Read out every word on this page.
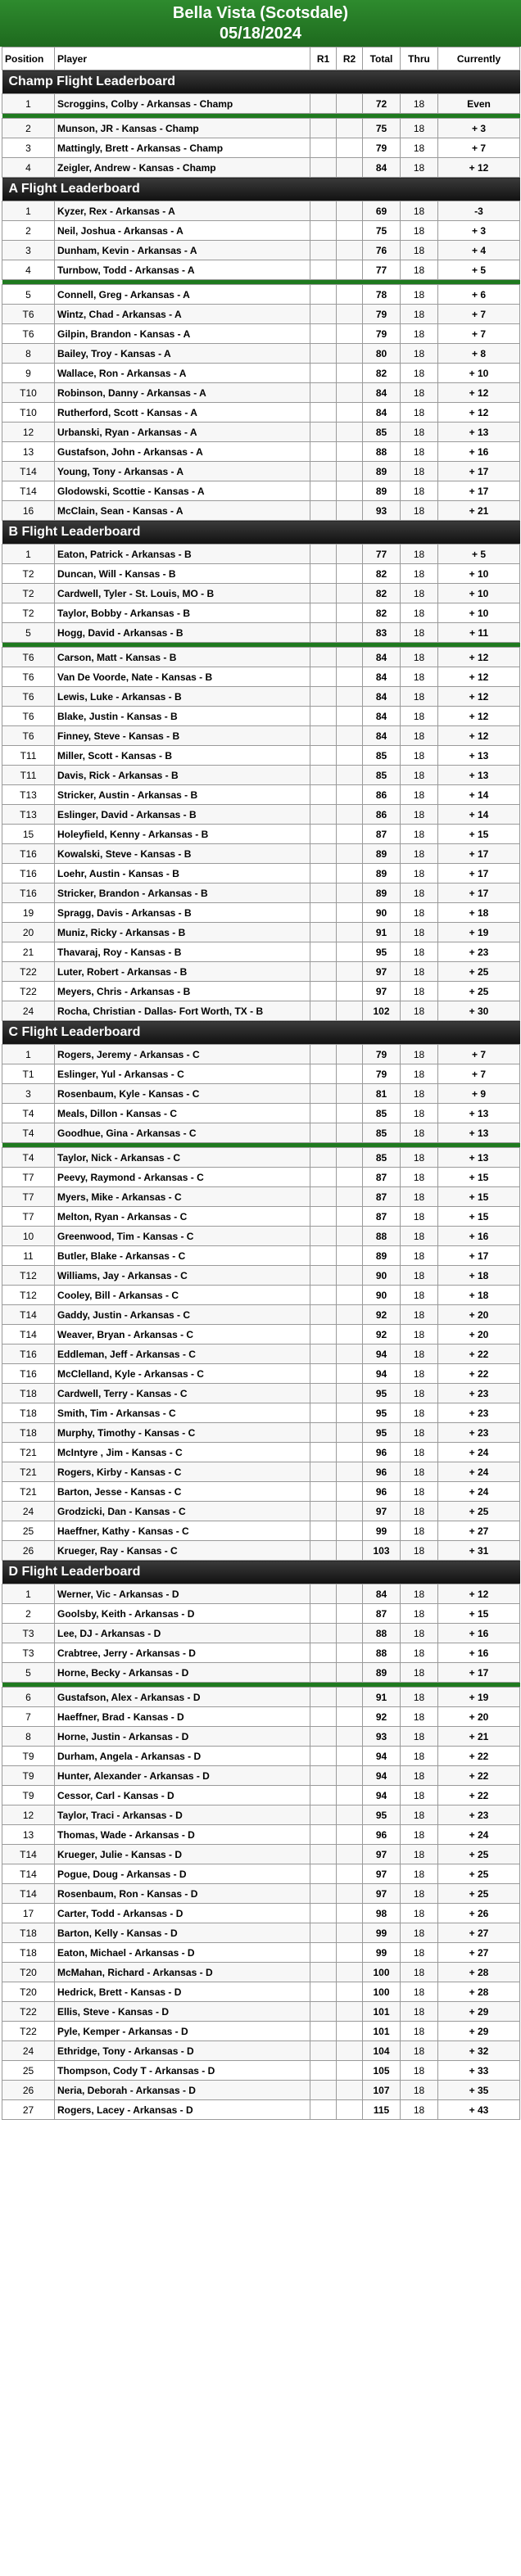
Bella Vista (Scotsdale)
05/18/2024
Position	Player	R1	R2	Total	Thru	Currently
Champ Flight Leaderboard						
1	Scroggins, Colby - Arkansas - Champ			72	18	Even

2	Munson, JR - Kansas - Champ			75	18	+ 3
3	Mattingly, Brett - Arkansas - Champ			79	18	+ 7
4	Zeigler, Andrew - Kansas - Champ			84	18	+ 12
A Flight Leaderboard						
1	Kyzer, Rex - Arkansas - A			69	18	-3
2	Neil, Joshua - Arkansas - A			75	18	+ 3
3	Dunham, Kevin - Arkansas - A			76	18	+ 4
4	Turnbow, Todd - Arkansas - A			77	18	+ 5

5	Connell, Greg - Arkansas - A			78	18	+ 6
T6	Wintz, Chad - Arkansas - A			79	18	+ 7
T6	Gilpin, Brandon - Kansas - A			79	18	+ 7
8	Bailey, Troy - Kansas - A			80	18	+ 8
9	Wallace, Ron - Arkansas - A			82	18	+ 10
T10	Robinson, Danny - Arkansas - A			84	18	+ 12
T10	Rutherford, Scott - Kansas - A			84	18	+ 12
12	Urbanski, Ryan - Arkansas - A			85	18	+ 13
13	Gustafson, John - Arkansas - A			88	18	+ 16
T14	Young, Tony - Arkansas - A			89	18	+ 17
T14	Glodowski, Scottie - Kansas - A			89	18	+ 17
16	McClain, Sean - Kansas - A			93	18	+ 21
B Flight Leaderboard						
1	Eaton, Patrick - Arkansas - B			77	18	+ 5
T2	Duncan, Will - Kansas - B			82	18	+ 10
T2	Cardwell, Tyler - St. Louis, MO - B			82	18	+ 10
T2	Taylor, Bobby - Arkansas - B			82	18	+ 10
5	Hogg, David - Arkansas - B			83	18	+ 11

T6	Carson, Matt - Kansas - B			84	18	+ 12
T6	Van De Voorde, Nate - Kansas - B			84	18	+ 12
T6	Lewis, Luke - Arkansas - B			84	18	+ 12
T6	Blake, Justin - Kansas - B			84	18	+ 12
T6	Finney, Steve - Kansas - B			84	18	+ 12
T11	Miller, Scott - Kansas - B			85	18	+ 13
T11	Davis, Rick - Arkansas - B			85	18	+ 13
T13	Stricker, Austin - Arkansas - B			86	18	+ 14
T13	Eslinger, David - Arkansas - B			86	18	+ 14
15	Holeyfield, Kenny - Arkansas - B			87	18	+ 15
T16	Kowalski, Steve - Kansas - B			89	18	+ 17
T16	Loehr, Austin - Kansas - B			89	18	+ 17
T16	Stricker, Brandon - Arkansas - B			89	18	+ 17
19	Spragg, Davis - Arkansas - B			90	18	+ 18
20	Muniz, Ricky - Arkansas - B			91	18	+ 19
21	Thavaraj, Roy - Kansas - B			95	18	+ 23
T22	Luter, Robert - Arkansas - B			97	18	+ 25
T22	Meyers, Chris - Arkansas - B			97	18	+ 25
24	Rocha, Christian - Dallas- Fort Worth, TX - B			102	18	+ 30
C Flight Leaderboard						
1	Rogers, Jeremy - Arkansas - C			79	18	+ 7
T1	Eslinger, Yul - Arkansas - C			79	18	+ 7
3	Rosenbaum, Kyle - Kansas - C			81	18	+ 9
T4	Meals, Dillon - Kansas - C			85	18	+ 13
T4	Goodhue, Gina - Arkansas - C			85	18	+ 13

T4	Taylor, Nick - Arkansas - C			85	18	+ 13
T7	Peevy, Raymond - Arkansas - C			87	18	+ 15
T7	Myers, Mike - Arkansas - C			87	18	+ 15
T7	Melton, Ryan - Arkansas - C			87	18	+ 15
10	Greenwood, Tim - Kansas - C			88	18	+ 16
11	Butler, Blake - Arkansas - C			89	18	+ 17
T12	Williams, Jay - Arkansas - C			90	18	+ 18
T12	Cooley, Bill - Arkansas - C			90	18	+ 18
T14	Gaddy, Justin - Arkansas - C			92	18	+ 20
T14	Weaver, Bryan - Arkansas - C			92	18	+ 20
T16	Eddleman, Jeff - Arkansas - C			94	18	+ 22
T16	McClelland, Kyle - Arkansas - C			94	18	+ 22
T18	Cardwell, Terry - Kansas - C			95	18	+ 23
T18	Smith, Tim - Arkansas - C			95	18	+ 23
T18	Murphy, Timothy - Kansas - C			95	18	+ 23
T21	McIntyre , Jim - Kansas - C			96	18	+ 24
T21	Rogers, Kirby - Kansas - C			96	18	+ 24
T21	Barton, Jesse - Kansas - C			96	18	+ 24
24	Grodzicki, Dan - Kansas - C			97	18	+ 25
25	Haeffner, Kathy - Kansas - C			99	18	+ 27
26	Krueger, Ray - Kansas - C			103	18	+ 31
D Flight Leaderboard						
1	Werner, Vic - Arkansas - D			84	18	+ 12
2	Goolsby, Keith - Arkansas - D			87	18	+ 15
T3	Lee, DJ - Arkansas - D			88	18	+ 16
T3	Crabtree, Jerry - Arkansas - D			88	18	+ 16
5	Horne, Becky - Arkansas - D			89	18	+ 17

6	Gustafson, Alex - Arkansas - D			91	18	+ 19
7	Haeffner, Brad - Kansas - D			92	18	+ 20
8	Horne, Justin - Arkansas - D			93	18	+ 21
T9	Durham, Angela - Arkansas - D			94	18	+ 22
T9	Hunter, Alexander - Arkansas - D			94	18	+ 22
T9	Cessor, Carl - Kansas - D			94	18	+ 22
12	Taylor, Traci - Arkansas - D			95	18	+ 23
13	Thomas, Wade - Arkansas - D			96	18	+ 24
T14	Krueger, Julie - Kansas - D			97	18	+ 25
T14	Pogue, Doug - Arkansas - D			97	18	+ 25
T14	Rosenbaum, Ron - Kansas - D			97	18	+ 25
17	Carter, Todd - Arkansas - D			98	18	+ 26
T18	Barton, Kelly - Kansas - D			99	18	+ 27
T18	Eaton, Michael - Arkansas - D			99	18	+ 27
T20	McMahan, Richard - Arkansas - D			100	18	+ 28
T20	Hedrick, Brett - Kansas - D			100	18	+ 28
T22	Ellis, Steve - Kansas - D			101	18	+ 29
T22	Pyle, Kemper - Arkansas - D			101	18	+ 29
24	Ethridge, Tony - Arkansas - D			104	18	+ 32
25	Thompson, Cody T - Arkansas - D			105	18	+ 33
26	Neria, Deborah - Arkansas - D			107	18	+ 35
27	Rogers, Lacey - Arkansas - D			115	18	+ 43
